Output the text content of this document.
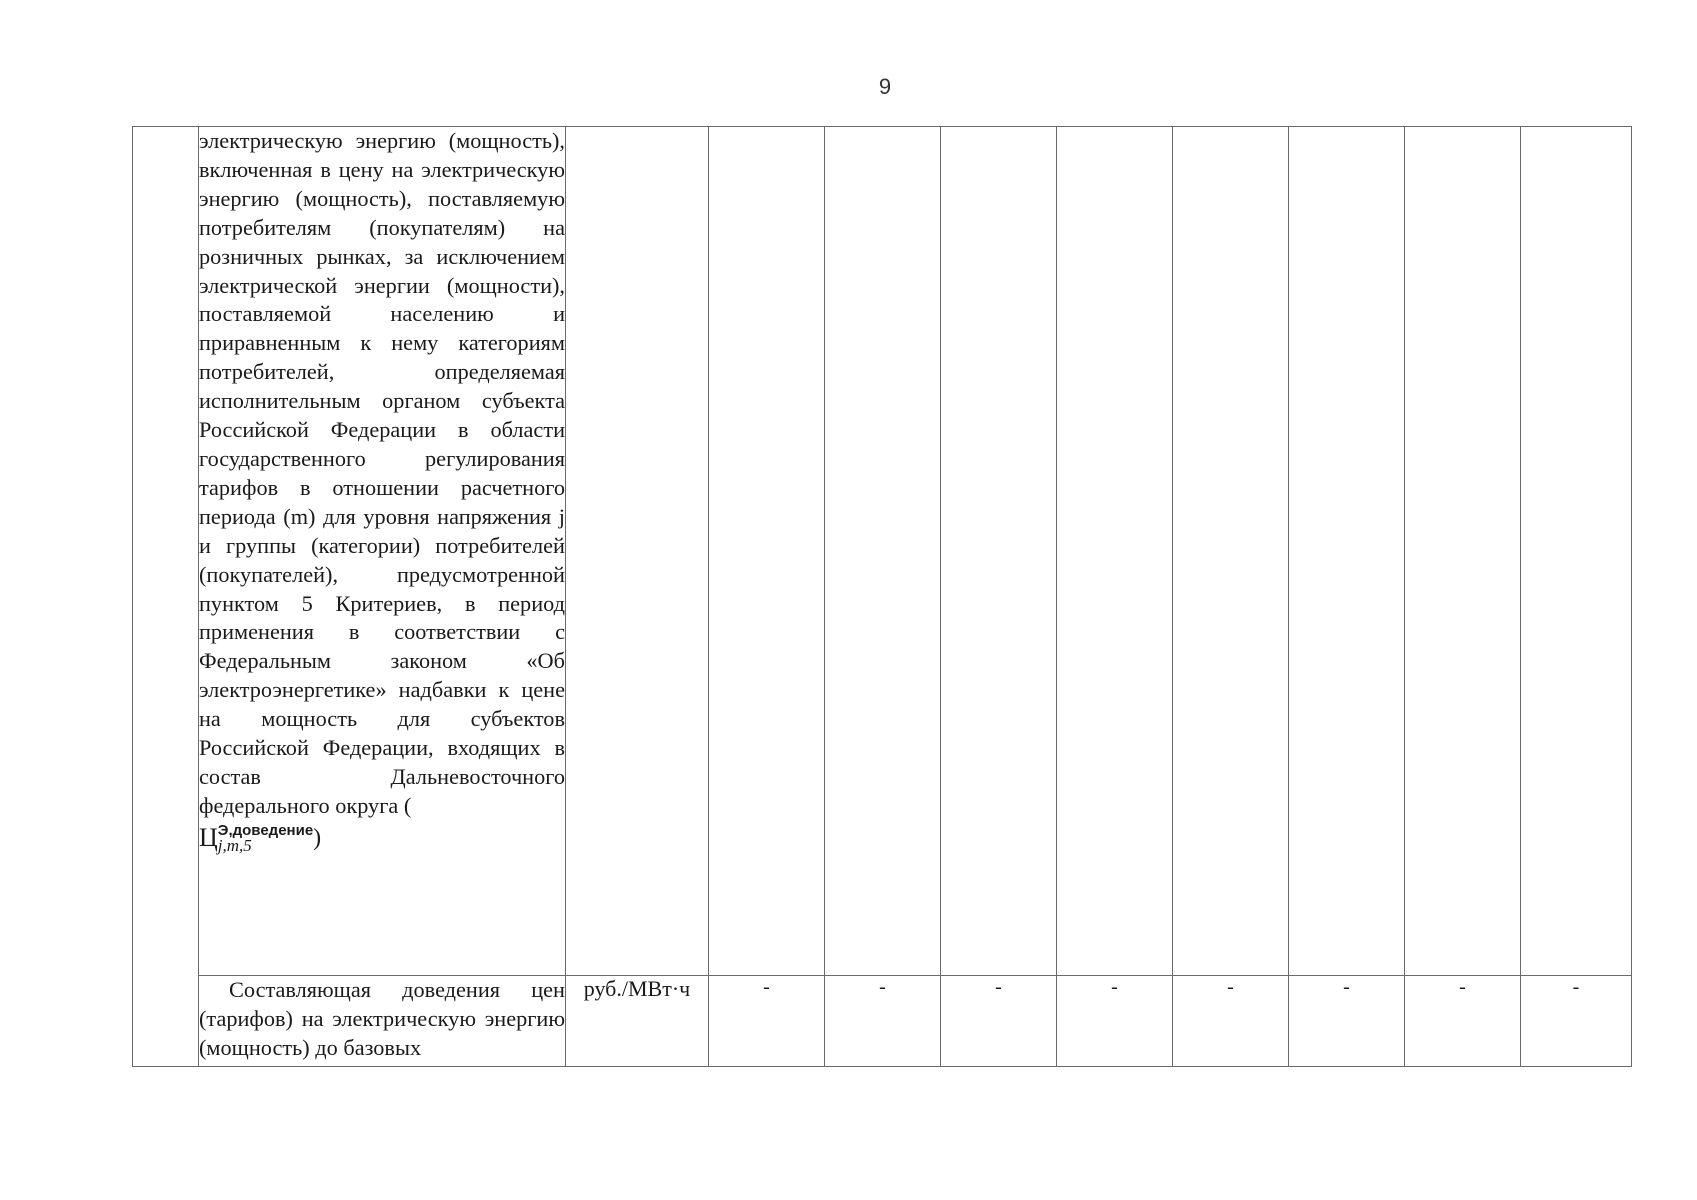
9

	электрическую энергию (мощность), включенная в цену на электрическую энергию (мощность), поставляемую потребителям (покупателям) на розничных рынках, за исключением электрической энергии (мощности), поставляемой населению и приравненным к нему категориям потребителей, определяемая исполнительным органом субъекта Российской Федерации в области государственного регулирования тарифов в отношении расчетного периода (m) для уровня напряжения j и группы (категории) потребителей (покупателей), предусмотренной пунктом 5 Критериев, в период применения в соответствии с Федеральным законом «Об электроэнергетике» надбавки к цене на мощность для субъектов Российской Федерации, входящих в состав Дальневосточного федерального округа (
Ц Э,доведение
j,m,5 )									

	Составляющая доведения цен (тарифов) на электрическую энергию (мощность) до базовых	руб./МВт·ч	-	-	-	-	-	-	-	-
